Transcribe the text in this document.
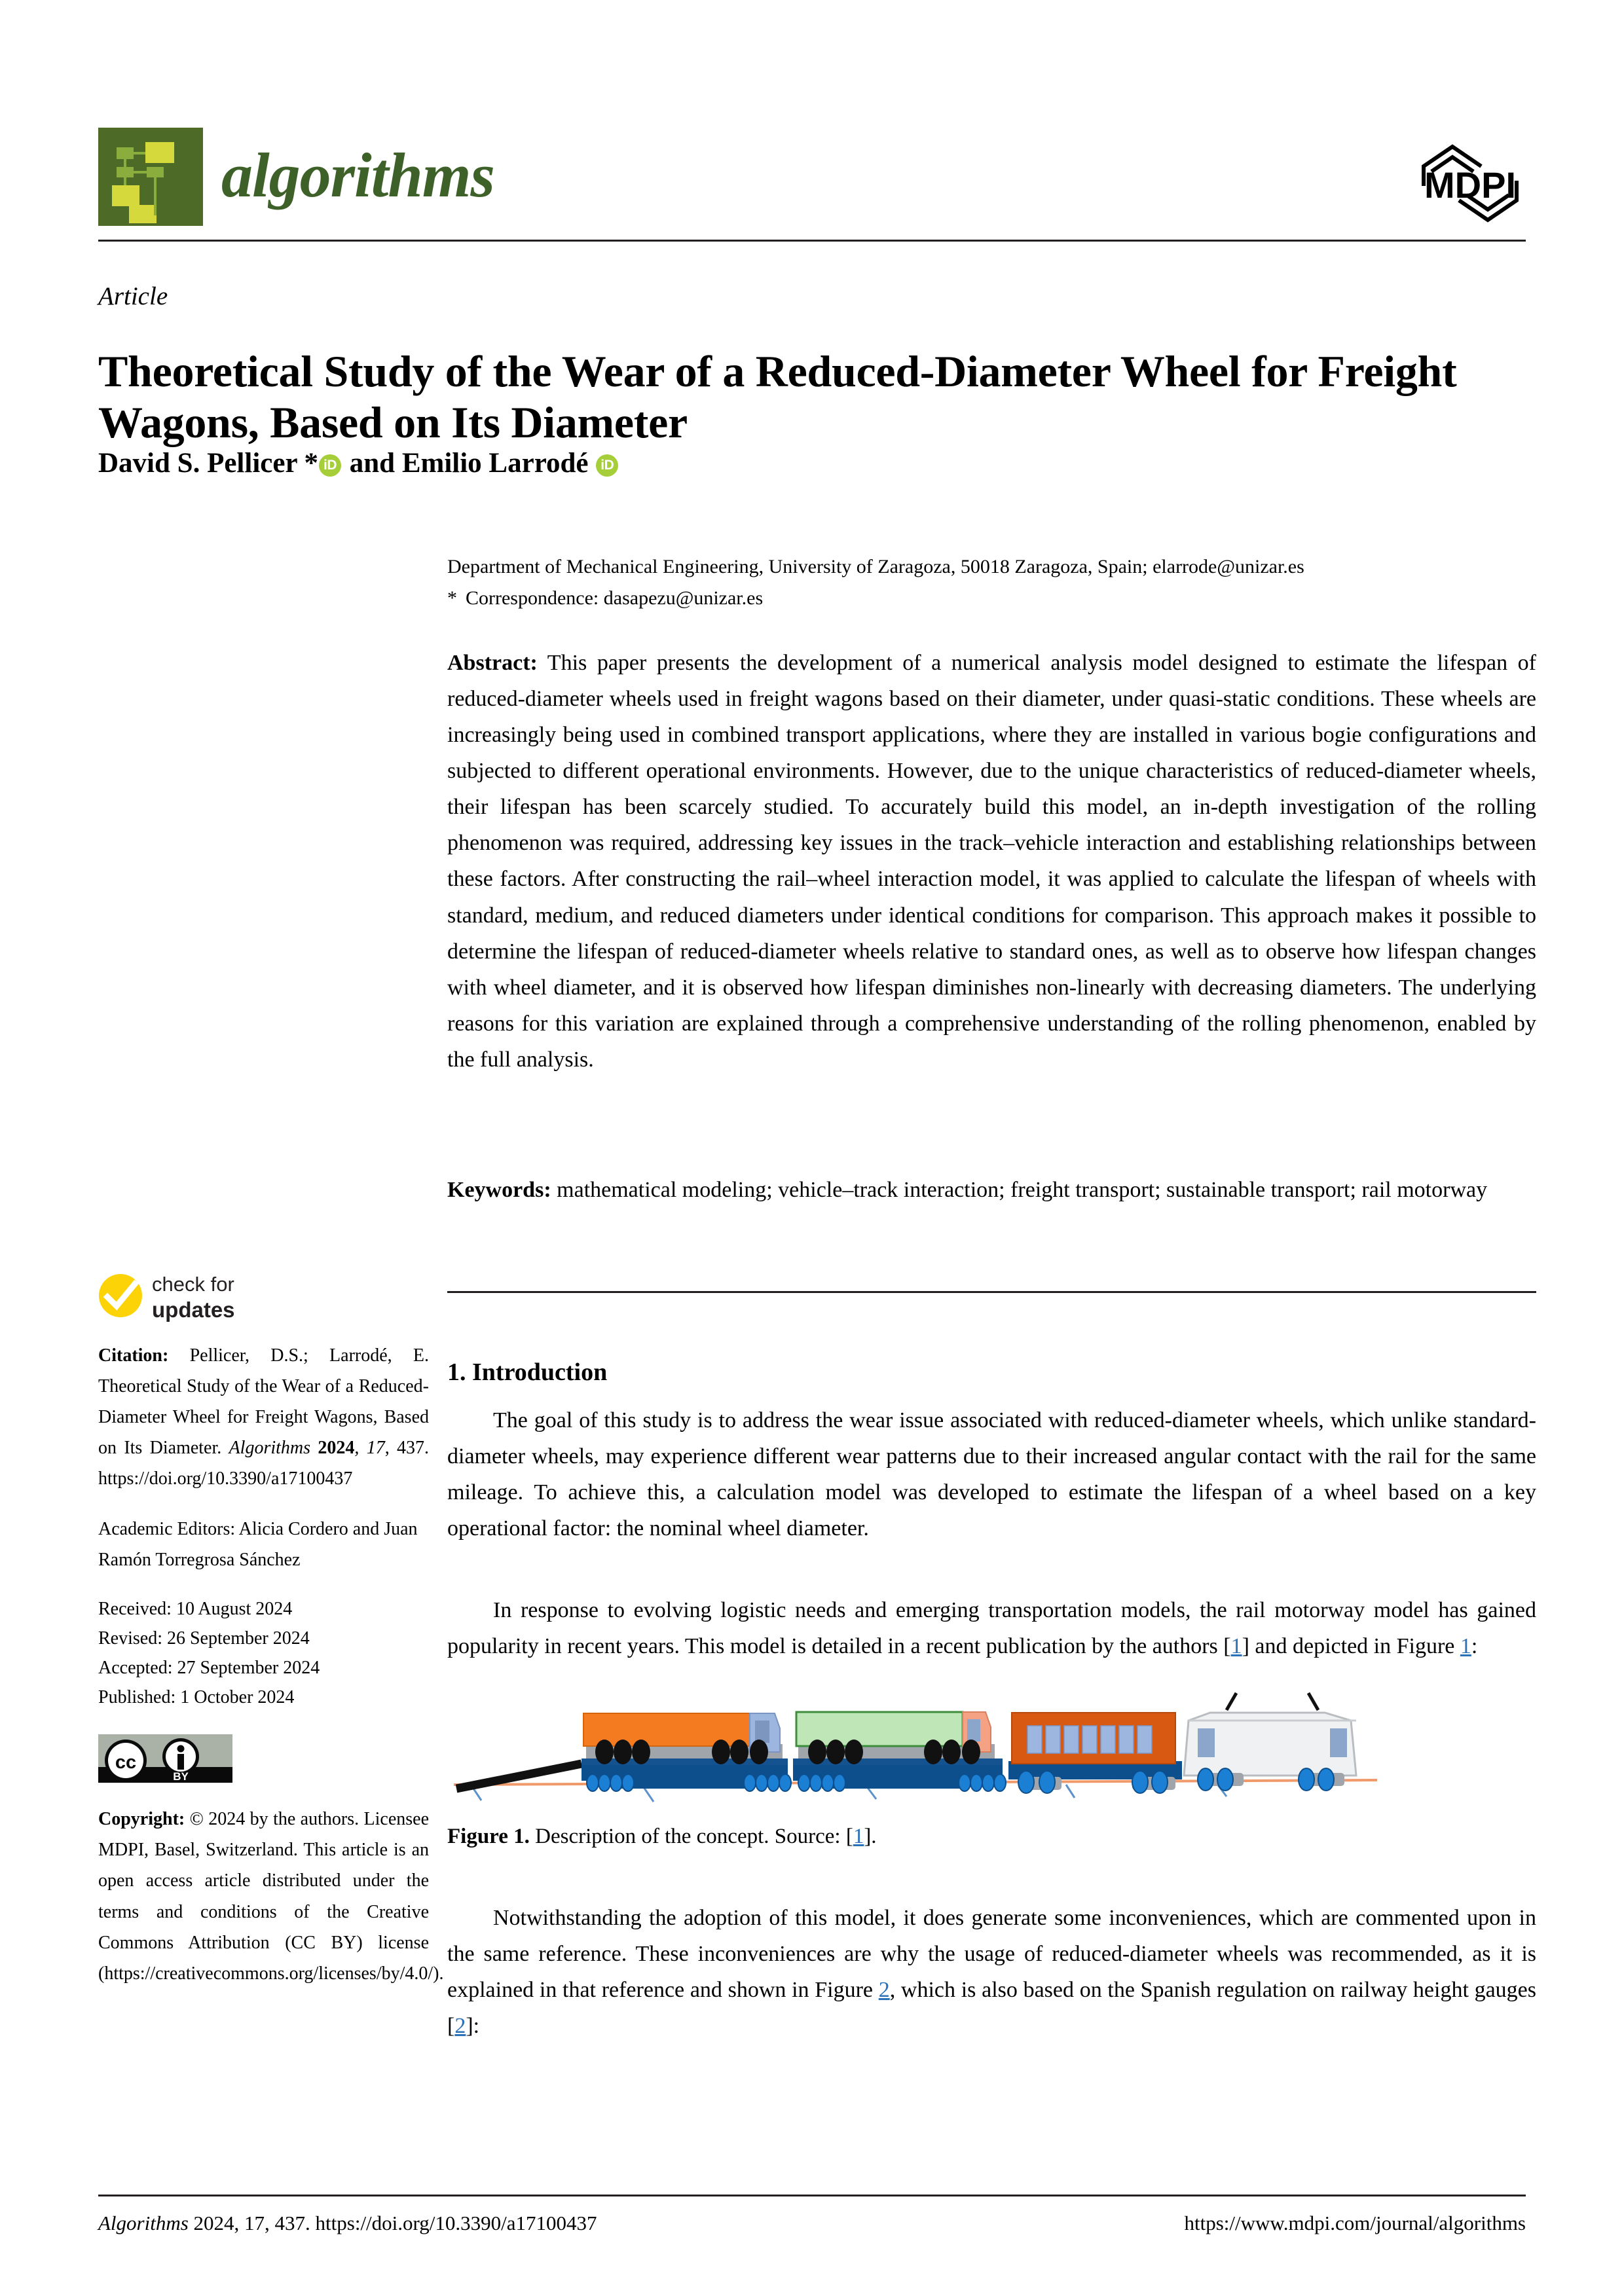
algorithms	MDPI
Article
Theoretical Study of the Wear of a Reduced-Diameter Wheel for Freight Wagons, Based on Its Diameter
David S. Pellicer * iD and Emilio Larrodé iD
Department of Mechanical Engineering, University of Zaragoza, 50018 Zaragoza, Spain; elarrode@unizar.es
* Correspondence: dasapezu@unizar.es
Abstract: This paper presents the development of a numerical analysis model designed to estimate the lifespan of reduced-diameter wheels used in freight wagons based on their diameter, under quasi-static conditions. These wheels are increasingly being used in combined transport applications, where they are installed in various bogie configurations and subjected to different operational environments. However, due to the unique characteristics of reduced-diameter wheels, their lifespan has been scarcely studied. To accurately build this model, an in-depth investigation of the rolling phenomenon was required, addressing key issues in the track–vehicle interaction and establishing relationships between these factors. After constructing the rail–wheel interaction model, it was applied to calculate the lifespan of wheels with standard, medium, and reduced diameters under identical conditions for comparison. This approach makes it possible to determine the lifespan of reduced-diameter wheels relative to standard ones, as well as to observe how lifespan changes with wheel diameter, and it is observed how lifespan diminishes non-linearly with decreasing diameters. The underlying reasons for this variation are explained through a comprehensive understanding of the rolling phenomenon, enabled by the full analysis.
Keywords: mathematical modeling; vehicle–track interaction; freight transport; sustainable transport; rail motorway
1. Introduction

The goal of this study is to address the wear issue associated with reduced-diameter wheels, which unlike standard-diameter wheels, may experience different wear patterns due to their increased angular contact with the rail for the same mileage. To achieve this, a calculation model was developed to estimate the lifespan of a wheel based on a key operational factor: the nominal wheel diameter.

In response to evolving logistic needs and emerging transportation models, the rail motorway model has gained popularity in recent years. This model is detailed in a recent publication by the authors [1] and depicted in Figure 1:

Figure 1. Description of the concept. Source: [1].

Notwithstanding the adoption of this model, it does generate some inconveniences, which are commented upon in the same reference. These inconveniences are why the usage of reduced-diameter wheels was recommended, as it is explained in that reference and shown in Figure 2, which is also based on the Spanish regulation on railway height gauges [2]:

check for
updates
Citation: Pellicer, D.S.; Larrodé, E. Theoretical Study of the Wear of a Reduced-Diameter Wheel for Freight Wagons, Based on Its Diameter. Algorithms 2024, 17, 437. https://doi.org/10.3390/a17100437
Academic Editors: Alicia Cordero and Juan Ramón Torregrosa Sánchez
Received: 10 August 2024
Revised: 26 September 2024
Accepted: 27 September 2024
Published: 1 October 2024
cc
BY
Copyright: © 2024 by the authors. Licensee MDPI, Basel, Switzerland. This article is an open access article distributed under the terms and conditions of the Creative Commons Attribution (CC BY) license (https://creativecommons.org/licenses/by/4.0/).
Algorithms 2024, 17, 437. https://doi.org/10.3390/a17100437	https://www.mdpi.com/journal/algorithms
